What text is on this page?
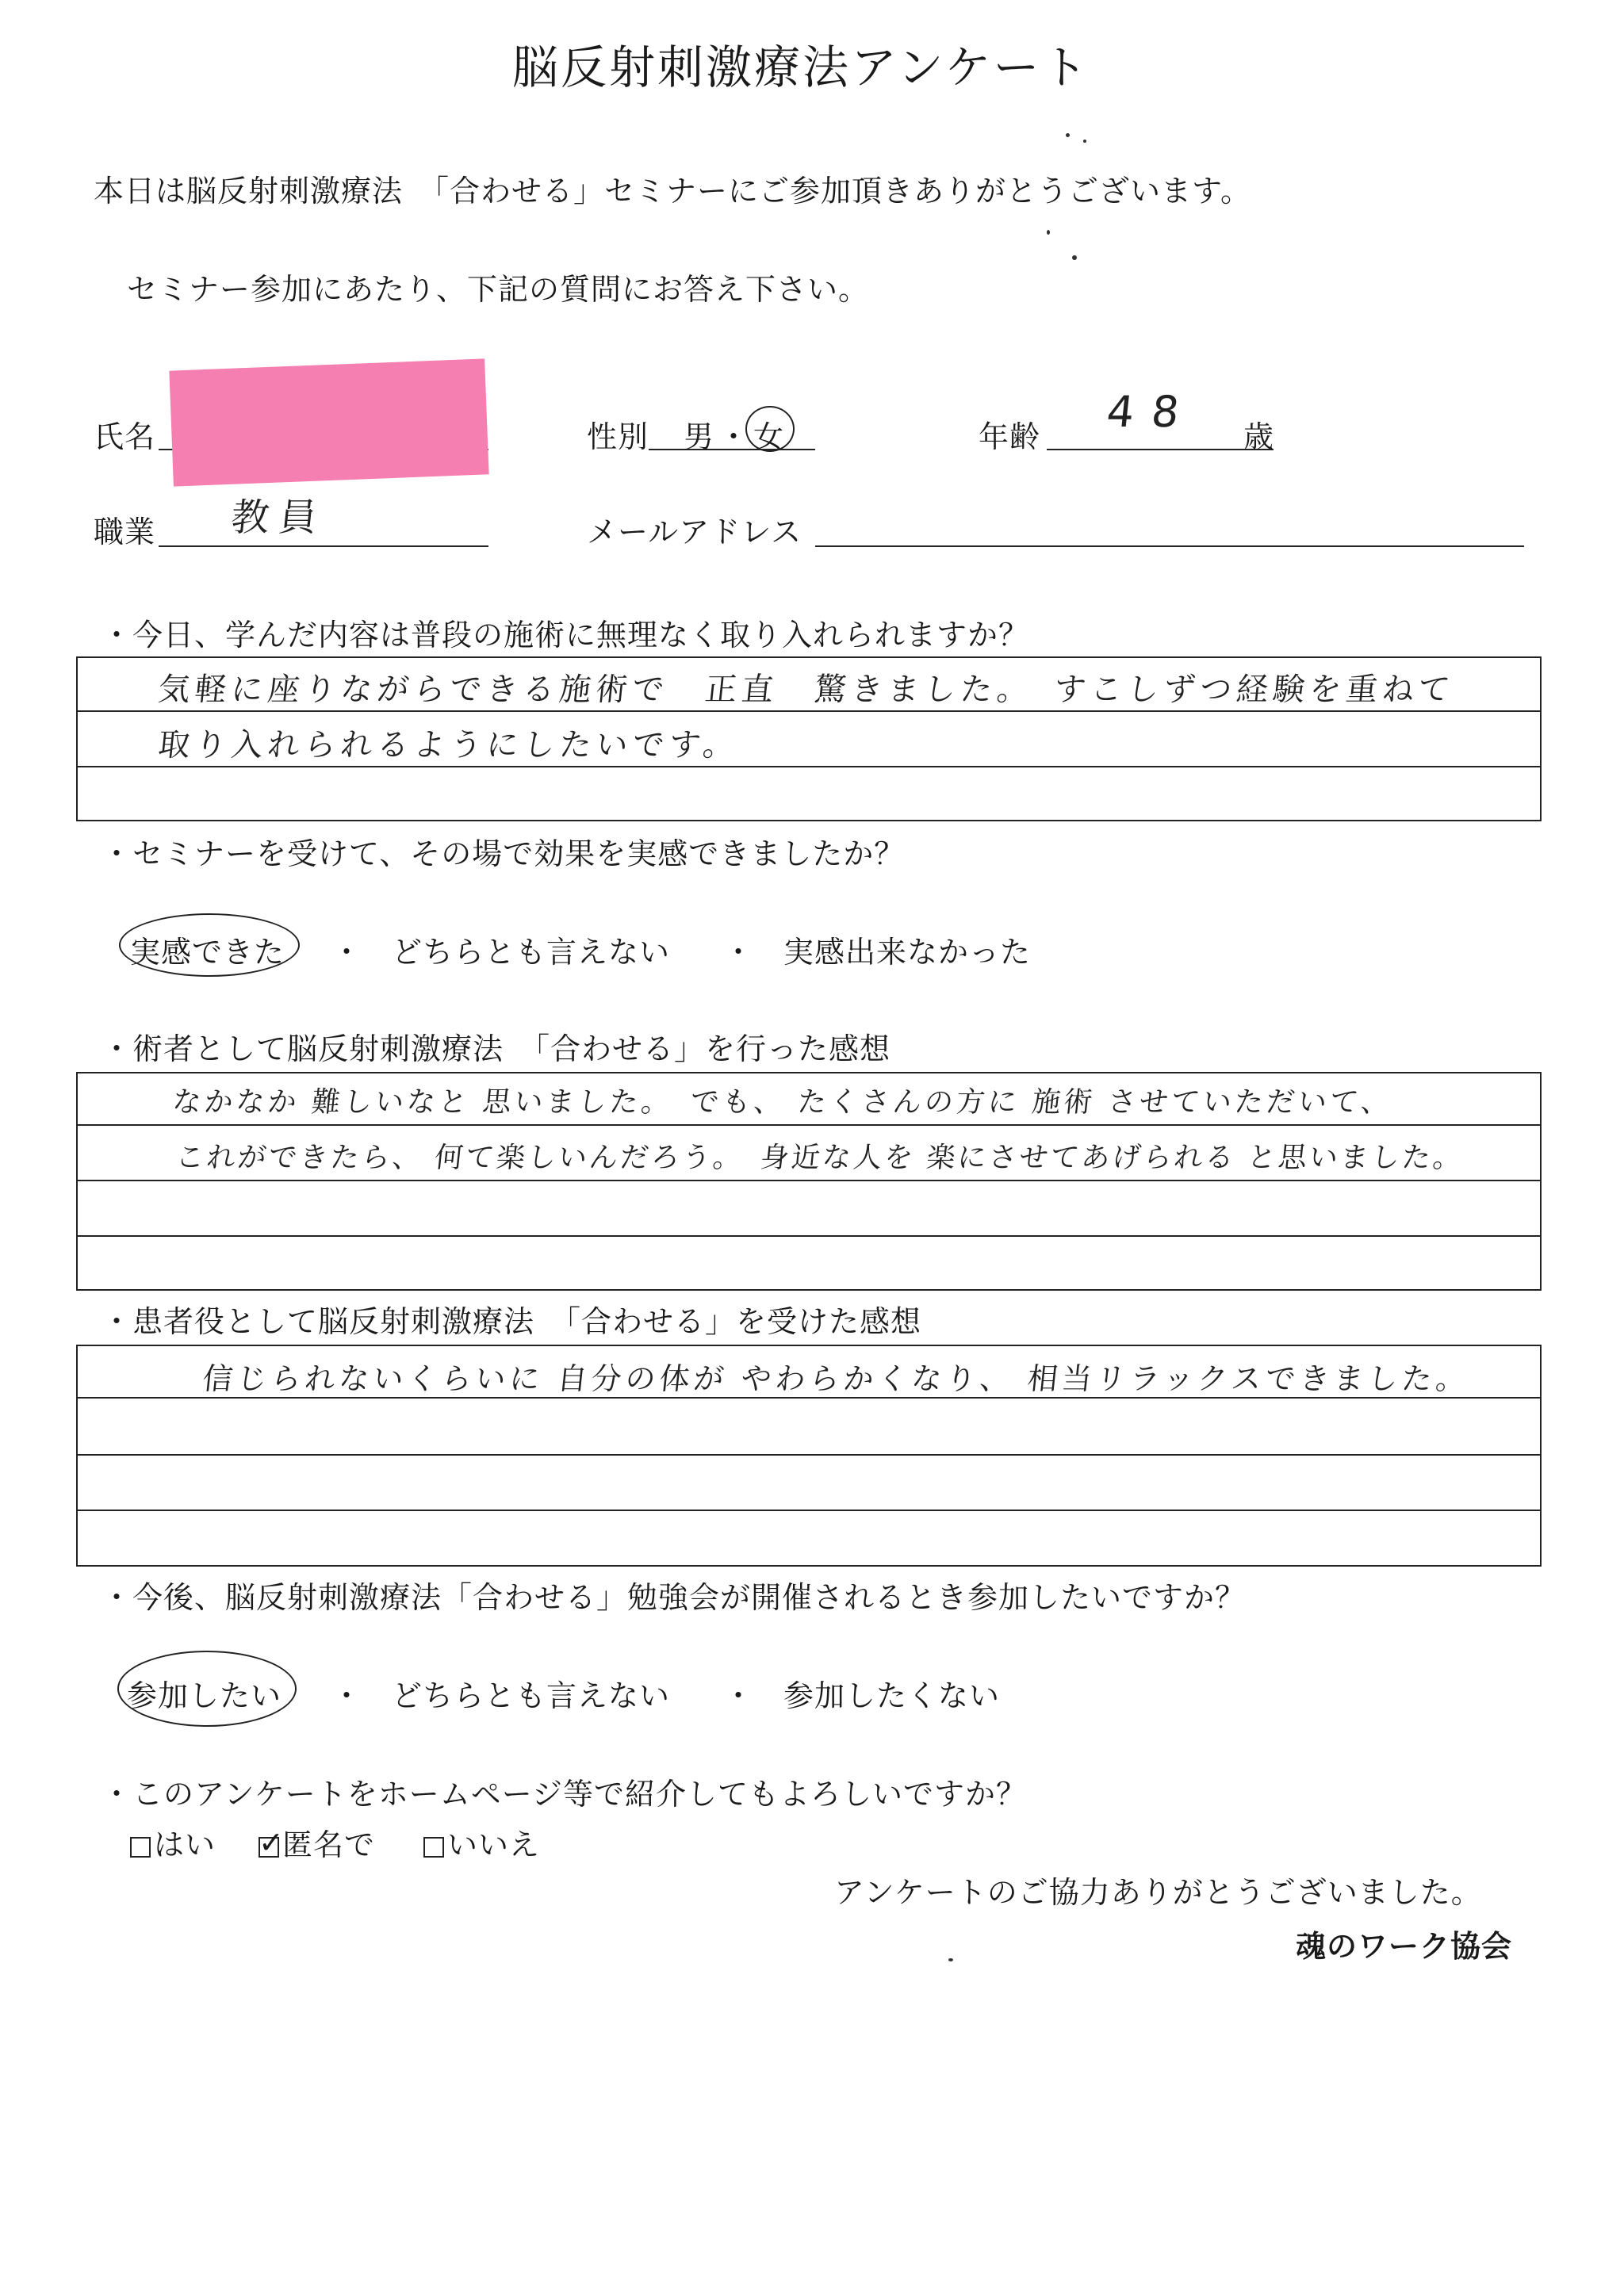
脳反射刺激療法アンケート
本日は脳反射刺激療法　「合わせる」セミナーにご参加頂きありがとうございます。
セミナー参加にあたり、下記の質問にお答え下さい。
氏名	性別 男 ・ 女	年齢 48 歳
職業 教員	メールアドレス
・今日、学んだ内容は普段の施術に無理なく取り入れられますか？
気軽に座りながらできる施術で　正直　驚きました。　すこしずつ経験を重ねて
取り入れられるようにしたいです。
・セミナーを受けて、その場で効果を実感できましたか？
実感できた ・ どちらとも言えない ・ 実感出来なかった
・術者として脳反射刺激療法　「合わせる」を行った感想
なかなか 難しいなと 思いました。　でも、 たくさんの方に 施術 させていただいて、
これができたら、 何て楽しいんだろう。　身近な人を 楽にさせてあげられる と思いました。
・患者役として脳反射刺激療法　「合わせる」を受けた感想
信じられないくらいに 自分の体が やわらかくなり、 相当リラックスできました。
・今後、脳反射刺激療法「合わせる」勉強会が開催されるとき参加したいですか？
参加したい ・ どちらとも言えない ・ 参加したくない
・このアンケートをホームページ等で紹介してもよろしいですか？
はい ✓
匿名で	いいえ
アンケートのご協力ありがとうございました。
魂のワーク協会
